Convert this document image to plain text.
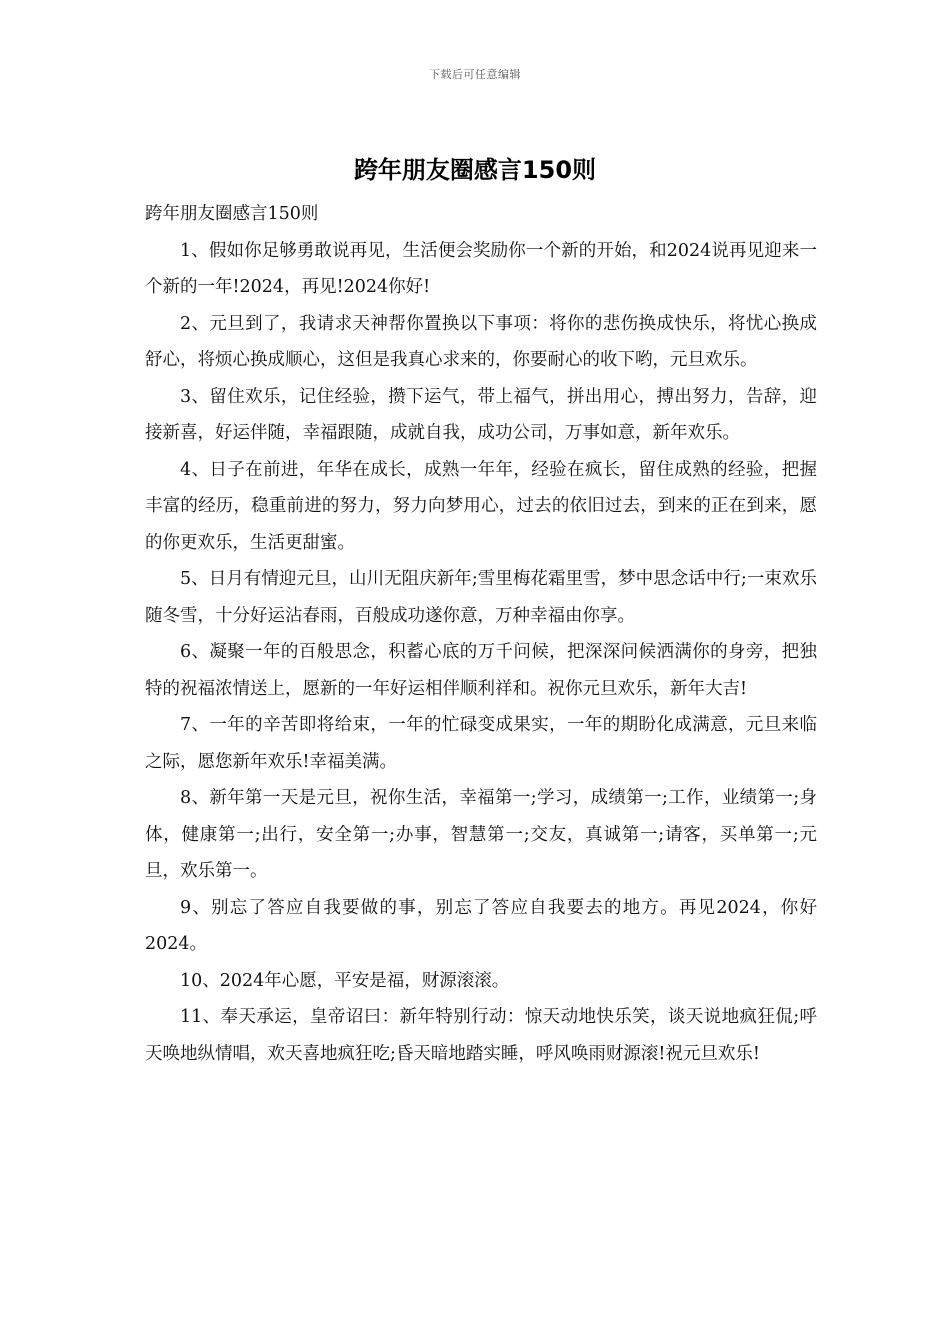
下载后可任意编辑
跨年朋友圈感言150则

跨年朋友圈感言150则

1、假如你足够勇敢说再见，生活便会奖励你一个新的开始，和2024说再见迎来一个新的一年!2024，再见!2024你好!

2、元旦到了，我请求天神帮你置换以下事项：将你的悲伤换成快乐，将忧心换成舒心，将烦心换成顺心，这但是我真心求来的，你要耐心的收下哟，元旦欢乐。

3、留住欢乐，记住经验，攒下运气，带上福气，拼出用心，搏出努力，告辞，迎接新喜，好运伴随，幸福跟随，成就自我，成功公司，万事如意，新年欢乐。

4、日子在前进，年华在成长，成熟一年年，经验在疯长，留住成熟的经验，把握丰富的经历，稳重前进的努力，努力向梦用心，过去的依旧过去，到来的正在到来，愿的你更欢乐，生活更甜蜜。

5、日月有情迎元旦，山川无阻庆新年;雪里梅花霜里雪，梦中思念话中行;一束欢乐随冬雪，十分好运沾春雨，百般成功遂你意，万种幸福由你享。

6、凝聚一年的百般思念，积蓄心底的万千问候，把深深问候洒满你的身旁，把独特的祝福浓情送上，愿新的一年好运相伴顺利祥和。祝你元旦欢乐，新年大吉!

7、一年的辛苦即将给束，一年的忙碌变成果实，一年的期盼化成满意，元旦来临之际，愿您新年欢乐!幸福美满。

8、新年第一天是元旦，祝你生活，幸福第一;学习，成绩第一;工作，业绩第一;身体，健康第一;出行，安全第一;办事，智慧第一;交友，真诚第一;请客，买单第一;元旦，欢乐第一。

9、别忘了答应自我要做的事，别忘了答应自我要去的地方。再见2024，你好2024。

10、2024年心愿，平安是福，财源滚滚。

11、奉天承运，皇帝诏曰：新年特别行动：惊天动地快乐笑，谈天说地疯狂侃;呼天唤地纵情唱，欢天喜地疯狂吃;昏天暗地踏实睡，呼风唤雨财源滚!祝元旦欢乐!
